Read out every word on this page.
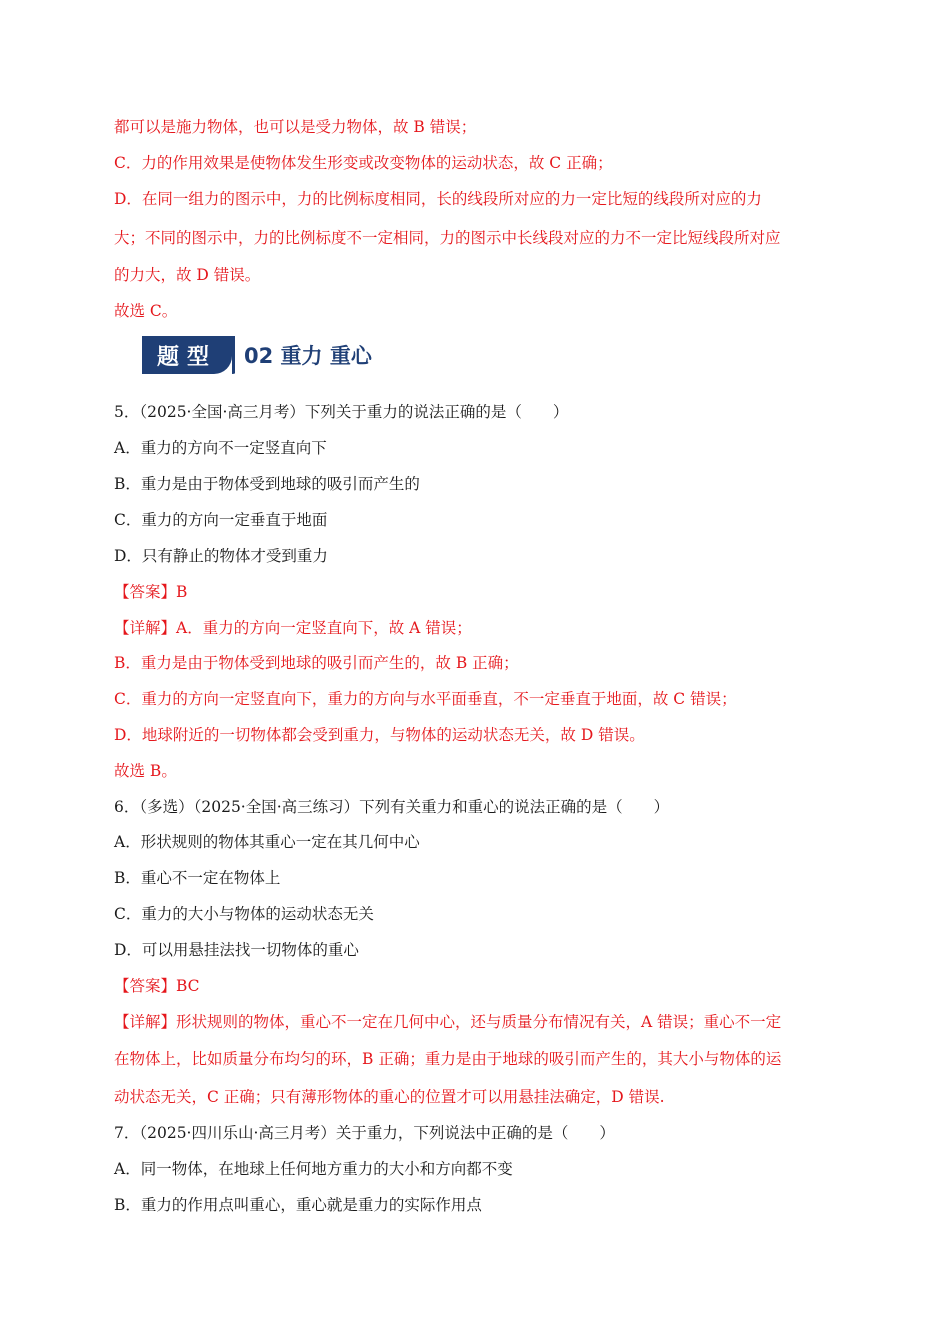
都可以是施力物体，也可以是受力物体，故 B 错误；
C．力的作用效果是使物体发生形变或改变物体的运动状态，故 C 正确；
D．在同一组力的图示中，力的比例标度相同，长的线段所对应的力一定比短的线段所对应的力
大；不同的图示中，力的比例标度不一定相同，力的图示中长线段对应的力不一定比短线段所对应
的力大，故 D 错误。
故选 C。
题型	02 重力 重心
5．（2025·全国·高三月考）下列关于重力的说法正确的是（　　）
A．重力的方向不一定竖直向下
B．重力是由于物体受到地球的吸引而产生的
C．重力的方向一定垂直于地面
D．只有静止的物体才受到重力
【答案】B
【详解】A．重力的方向一定竖直向下，故 A 错误；
B．重力是由于物体受到地球的吸引而产生的，故 B 正确；
C．重力的方向一定竖直向下，重力的方向与水平面垂直，不一定垂直于地面，故 C 错误；
D．地球附近的一切物体都会受到重力，与物体的运动状态无关，故 D 错误。
故选 B。
6．（多选）（2025·全国·高三练习）下列有关重力和重心的说法正确的是（　　）
A．形状规则的物体其重心一定在其几何中心
B．重心不一定在物体上
C．重力的大小与物体的运动状态无关
D．可以用悬挂法找一切物体的重心
【答案】BC
【详解】形状规则的物体，重心不一定在几何中心，还与质量分布情况有关，A 错误；重心不一定
在物体上，比如质量分布均匀的环，B 正确；重力是由于地球的吸引而产生的，其大小与物体的运
动状态无关，C 正确；只有薄形物体的重心的位置才可以用悬挂法确定，D 错误.
7．（2025·四川乐山·高三月考）关于重力，下列说法中正确的是（　　）
A．同一物体，在地球上任何地方重力的大小和方向都不变
B．重力的作用点叫重心，重心就是重力的实际作用点
